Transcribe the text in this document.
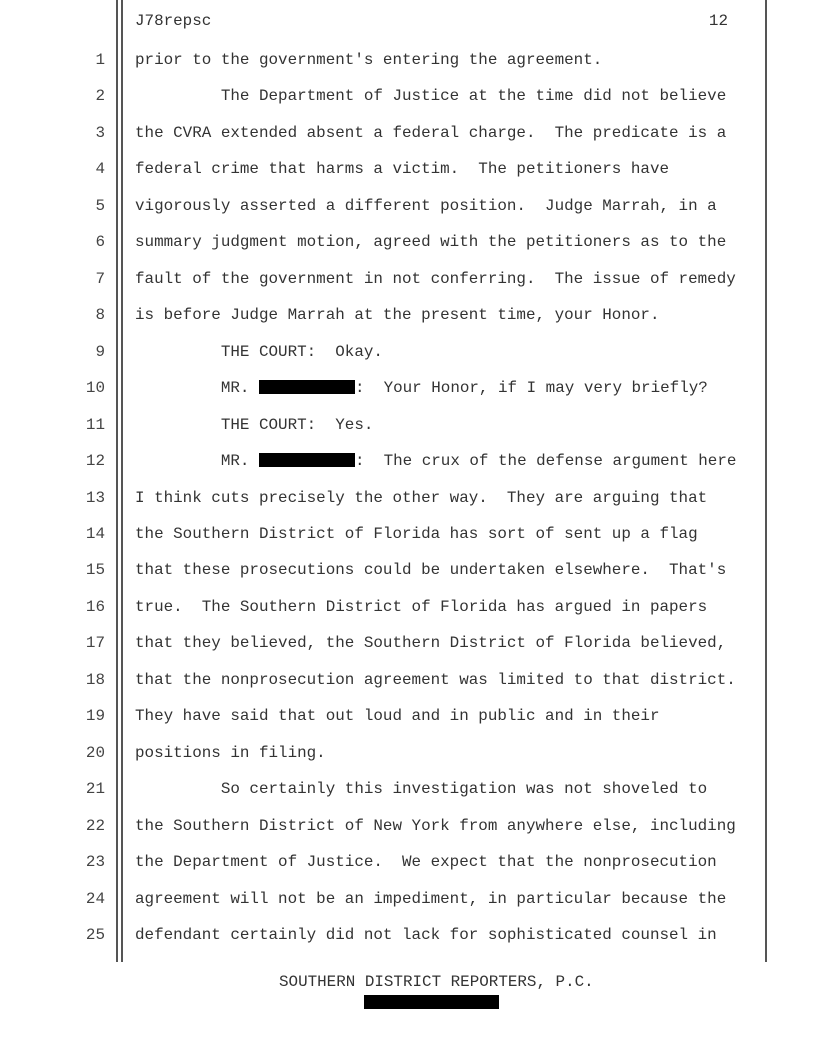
J78repsc	12
1 prior to the government's entering the agreement.
2 The Department of Justice at the time did not believe
3 the CVRA extended absent a federal charge.  The predicate is a
4 federal crime that harms a victim.  The petitioners have
5 vigorously asserted a different position.  Judge Marrah, in a
6 summary judgment motion, agreed with the petitioners as to the
7 fault of the government in not conferring.  The issue of remedy
8 is before Judge Marrah at the present time, your Honor.
9 THE COURT:  Okay.
10 MR.	:  Your Honor, if I may very briefly?
11 THE COURT:  Yes.
12 MR.	:  The crux of the defense argument here
13 I think cuts precisely the other way.  They are arguing that
14 the Southern District of Florida has sort of sent up a flag
15 that these prosecutions could be undertaken elsewhere.  That's
16 true.  The Southern District of Florida has argued in papers
17 that they believed, the Southern District of Florida believed,
18 that the nonprosecution agreement was limited to that district.
19 They have said that out loud and in public and in their
20 positions in filing.
21 So certainly this investigation was not shoveled to
22 the Southern District of New York from anywhere else, including
23 the Department of Justice.  We expect that the nonprosecution
24 agreement will not be an impediment, in particular because the
25 defendant certainly did not lack for sophisticated counsel in
SOUTHERN DISTRICT REPORTERS, P.C.
